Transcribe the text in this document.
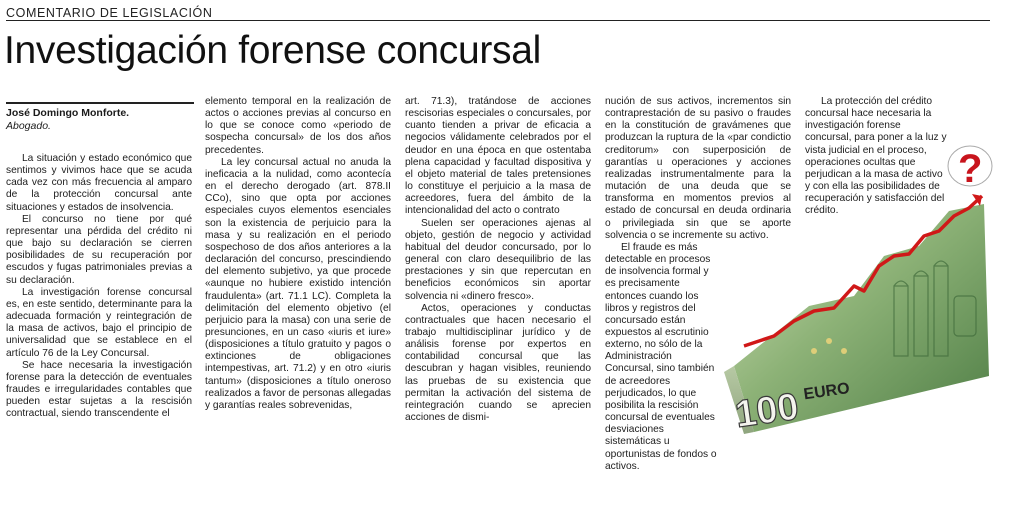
COMENTARIO DE LEGISLACIÓN
Investigación forense concursal
José Domingo Monforte.
Abogado.

La situación y estado económico que sentimos y vivimos hace que se acuda cada vez con más frecuencia al amparo de la protección concursal ante situaciones y estados de insolvencia.

El concurso no tiene por qué representar una pérdida del crédito ni que bajo su declaración se cierren posibilidades de su recuperación por escudos y fugas patrimoniales previas a su declaración.

La investigación forense concursal es, en este sentido, determinante para la adecuada formación y reintegración de la masa de activos, bajo el principio de universalidad que se establece en el artículo 76 de la Ley Concursal.

Se hace necesaria la investigación forense para la detección de eventuales fraudes e irregularidades contables que pueden estar sujetas a la rescisión contractual, siendo transcendente el

elemento temporal en la realización de actos o acciones previas al concurso en lo que se conoce como «periodo de sospecha concursal» de los dos años precedentes.

La ley concursal actual no anuda la ineficacia a la nulidad, como acontecía en el derecho derogado (art. 878.II CCo), sino que opta por acciones especiales cuyos elementos esenciales son la existencia de perjuicio para la masa y su realización en el periodo sospechoso de dos años anteriores a la declaración del concurso, prescindiendo del elemento subjetivo, ya que procede «aunque no hubiere existido intención fraudulenta» (art. 71.1 LC). Completa la delimitación del elemento objetivo (el perjuicio para la masa) con una serie de presunciones, en un caso «iuris et iure» (disposiciones a título gratuito y pagos o extinciones de obligaciones intempestivas, art. 71.2) y en otro «iuris tantum» (disposiciones a título oneroso realizados a favor de personas allegadas y garantías reales sobrevenidas,

art. 71.3), tratándose de acciones rescisorias especiales o concursales, por cuanto tienden a privar de eficacia a negocios válidamente celebrados por el deudor en una época en que ostentaba plena capacidad y facultad dispositiva y el objeto material de tales pretensiones lo constituye el perjuicio a la masa de acreedores, fuera del ámbito de la intencionalidad del acto o contrato

Suelen ser operaciones ajenas al objeto, gestión de negocio y actividad habitual del deudor concursado, por lo general con claro desequilibrio de las prestaciones y sin que repercutan en beneficios económicos sin aportar solvencia ni «dinero fresco».

Actos, operaciones y conductas contractuales que hacen necesario el trabajo multidisciplinar jurídico y de análisis forense por expertos en contabilidad concursal que las descubran y hagan visibles, reuniendo las pruebas de su existencia que permitan la activación del sistema de reintegración cuando se aprecien acciones de dismi-

nución de sus activos, incrementos sin contraprestación de su pasivo o fraudes en la constitución de gravámenes que produzcan la ruptura de la «par condictio creditorum» con superposición de garantías u operaciones y acciones realizadas instrumentalmente para la mutación de una deuda que se transforma en momentos previos al estado de concursal en deuda ordinaria o privilegiada sin que se aporte solvencia o se incremente su activo.

El fraude es más detectable en procesos de insolvencia formal y es precisamente entonces cuando los libros y registros del concursado están expuestos al escrutinio externo, no sólo de la Administración Concursal, sino también de acreedores perjudicados, lo que posibilita la rescisión concursal de eventuales desviaciones sistemáticas u oportunistas de fondos o activos.

La protección del crédito concursal hace necesaria la investigación forense concursal, para poner a la luz y vista judicial en el proceso, operaciones ocultas que perjudican a la masa de activo y con ella las posibilidades de recuperación y satisfacción del crédito.

100 EURO
?
